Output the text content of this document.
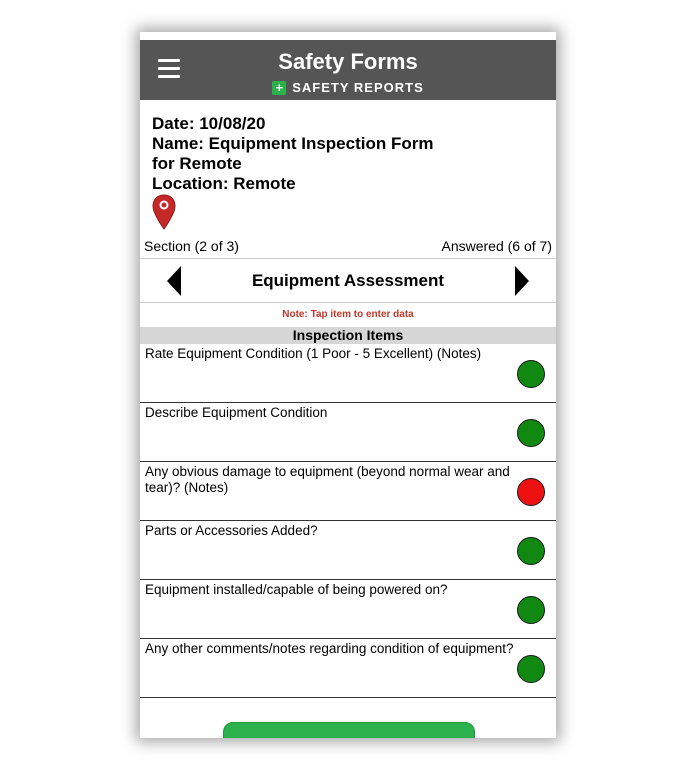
Safety Forms
+ SAFETY REPORTS
Date: 10/08/20
Name: Equipment Inspection Form
for Remote
Location: Remote
Section (2 of 3)	Answered (6 of 7)
Equipment Assessment
Note: Tap item to enter data
Inspection Items
Rate Equipment Condition (1 Poor - 5 Excellent) (Notes)
Describe Equipment Condition
Any obvious damage to equipment (beyond normal wear and tear)? (Notes)
Parts or Accessories Added?
Equipment installed/capable of being powered on?
Any other comments/notes regarding condition of equipment?
